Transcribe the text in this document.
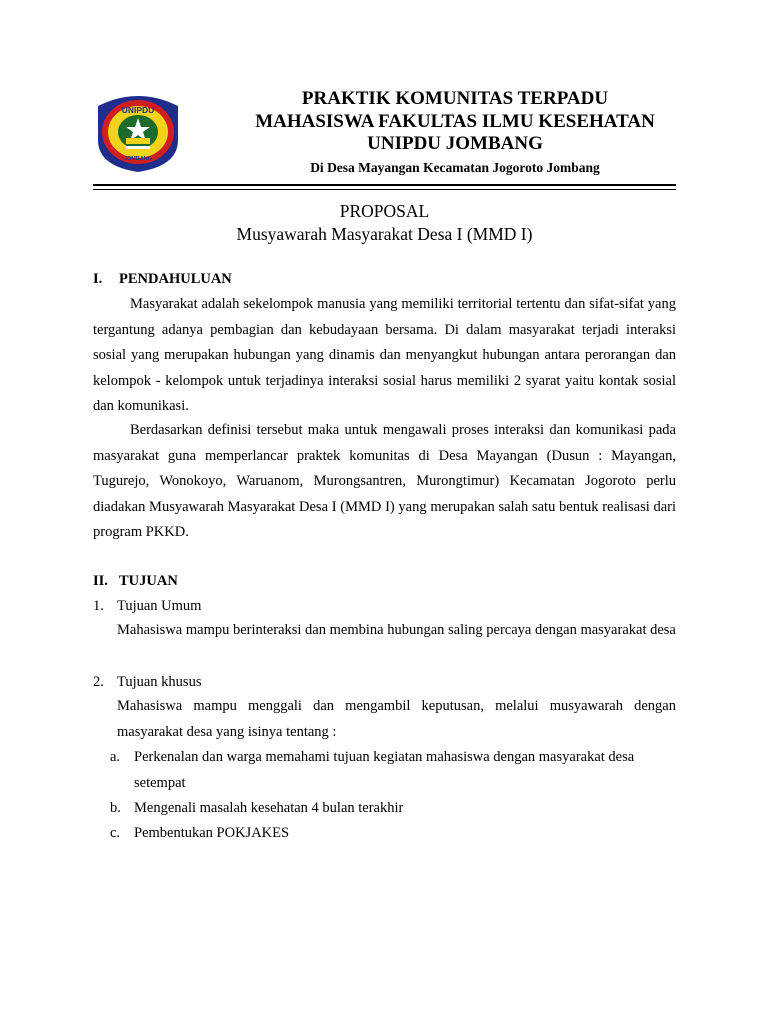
UNIPDU
JOMBANG
PRAKTIK KOMUNITAS TERPADU
MAHASISWA FAKULTAS ILMU KESEHATAN
UNIPDU JOMBANG
Di Desa Mayangan Kecamatan Jogoroto Jombang
PROPOSAL
Musyawarah Masyarakat Desa I (MMD I)
I. PENDAHULUAN

Masyarakat adalah sekelompok manusia yang memiliki territorial tertentu dan sifat-sifat yang tergantung adanya pembagian dan kebudayaan bersama. Di dalam masyarakat terjadi interaksi sosial yang merupakan hubungan yang dinamis dan menyangkut hubungan antara perorangan dan kelompok - kelompok untuk terjadinya interaksi sosial harus memiliki 2 syarat yaitu kontak sosial dan komunikasi.

Berdasarkan definisi tersebut maka untuk mengawali proses interaksi dan komunikasi pada masyarakat guna memperlancar praktek komunitas di Desa Mayangan (Dusun : Mayangan, Tugurejo, Wonokoyo, Waruanom, Murongsantren, Murongtimur) Kecamatan Jogoroto perlu diadakan Musyawarah Masyarakat Desa I (MMD I) yang merupakan salah satu bentuk realisasi dari program PKKD.

II. TUJUAN
1. Tujuan Umum

Mahasiswa mampu berinteraksi dan membina hubungan saling percaya dengan masyarakat desa

2. Tujuan khusus

Mahasiswa mampu menggali dan mengambil keputusan, melalui musyawarah dengan masyarakat desa yang isinya tentang :

a. Perkenalan dan warga memahami tujuan kegiatan mahasiswa dengan masyarakat desa setempat
b. Mengenali masalah kesehatan 4 bulan terakhir
c. Pembentukan POKJAKES
